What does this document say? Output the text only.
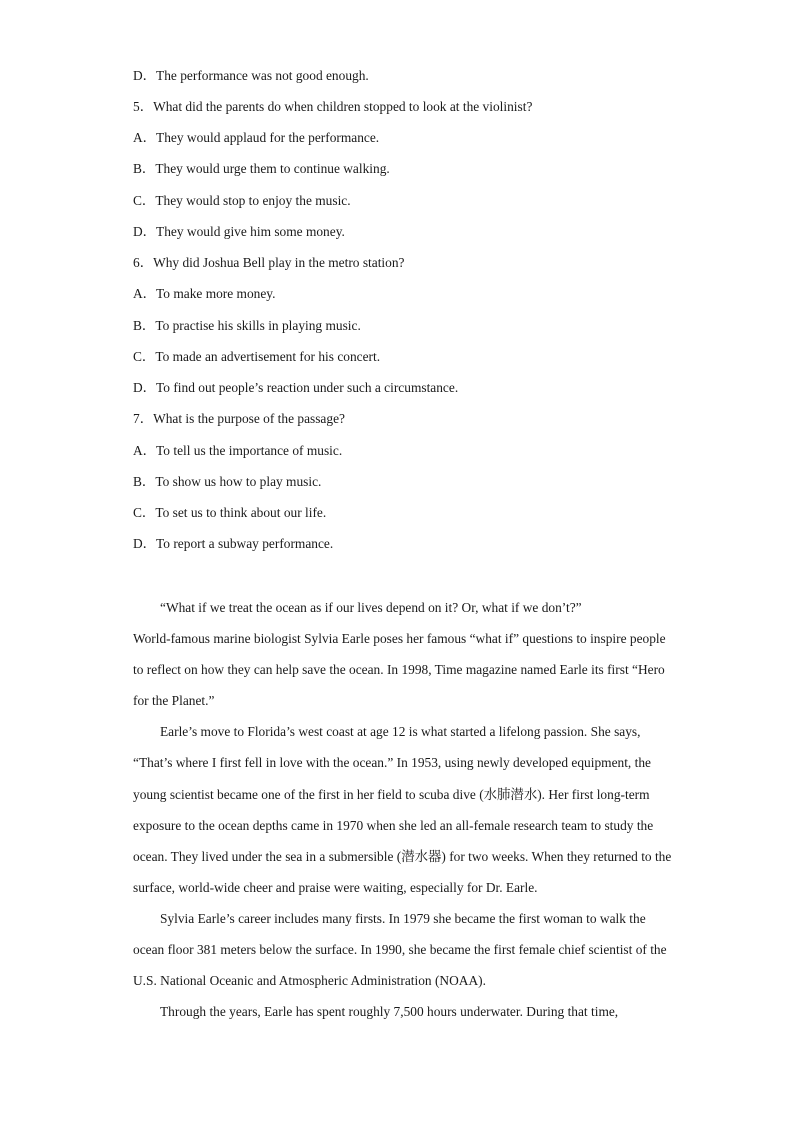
D．The performance was not good enough.
5．What did the parents do when children stopped to look at the violinist?
A．They would applaud for the performance.
B．They would urge them to continue walking.
C．They would stop to enjoy the music.
D．They would give him some money.
6．Why did Joshua Bell play in the metro station?
A．To make more money.
B．To practise his skills in playing music.
C．To made an advertisement for his concert.
D．To find out people’s reaction under such a circumstance.
7．What is the purpose of the passage?
A．To tell us the importance of music.
B．To show us how to play music.
C．To set us to think about our life.
D．To report a subway performance.

“What if we treat the ocean as if our lives depend on it? Or, what if we don’t?”
World-famous marine biologist Sylvia Earle poses her famous “what if” questions to inspire people to reflect on how they can help save the ocean. In 1998, Time magazine named Earle its first “Hero for the Planet.”

Earle’s move to Florida’s west coast at age 12 is what started a lifelong passion. She says, “That’s where I first fell in love with the ocean.” In 1953, using newly developed equipment, the young scientist became one of the first in her field to scuba dive (水肺潜水). Her first long-term exposure to the ocean depths came in 1970 when she led an all-female research team to study the ocean. They lived under the sea in a submersible (潜水器) for two weeks. When they returned to the surface, world-wide cheer and praise were waiting, especially for Dr. Earle.

Sylvia Earle’s career includes many firsts. In 1979 she became the first woman to walk the ocean floor 381 meters below the surface. In 1990, she became the first female chief scientist of the U.S. National Oceanic and Atmospheric Administration (NOAA).

Through the years, Earle has spent roughly 7,500 hours underwater. During that time,
